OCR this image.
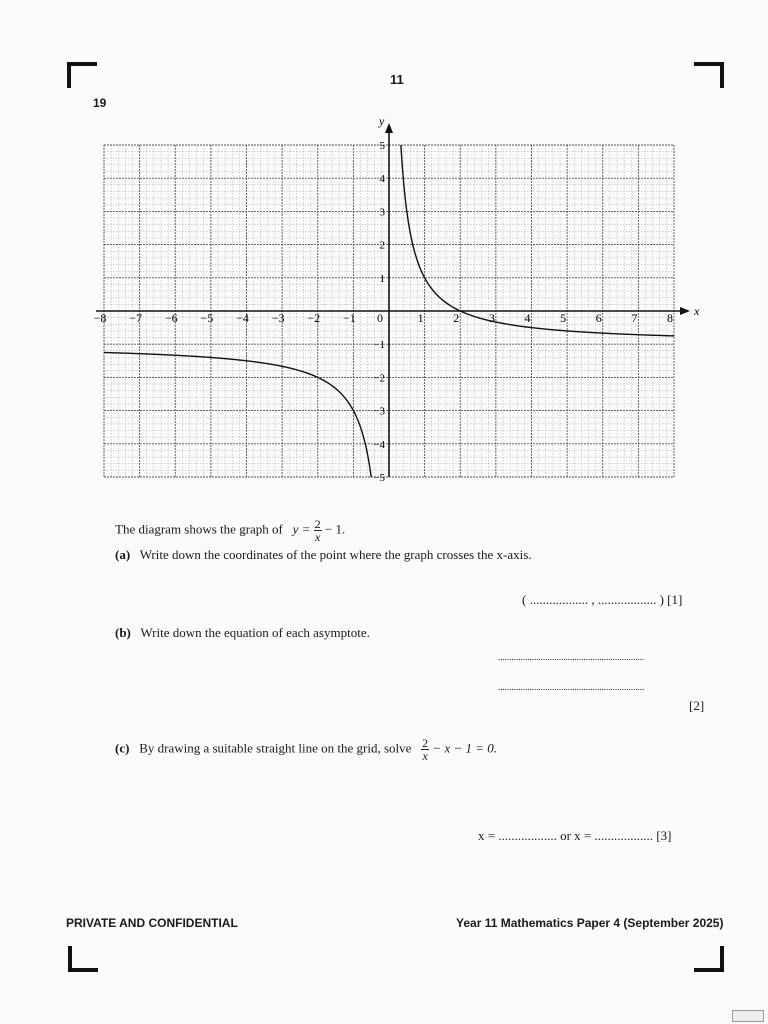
11
19
x
y
−8 −7 −6 −5 −4 −3 −2 −1 0	1 2 3 4 5 6 7 8
5
4
3
2
1
−1
−2
−3
−4
−5
The diagram shows the graph of $y = \frac{2}{x} - 1$.
(a) Write down the coordinates of the point where the graph crosses the x-axis.
( .................. , .................. ) [1]
(b) Write down the equation of each asymptote.
.................................................................
.................................................................
[2]
(c) By drawing a suitable straight line on the grid, solve $\frac{2}{x} - x - 1 = 0$.
x = .................. or x = .................. [3]
PRIVATE AND CONFIDENTIAL	Year 11 Mathematics Paper 4 (September 2025)
